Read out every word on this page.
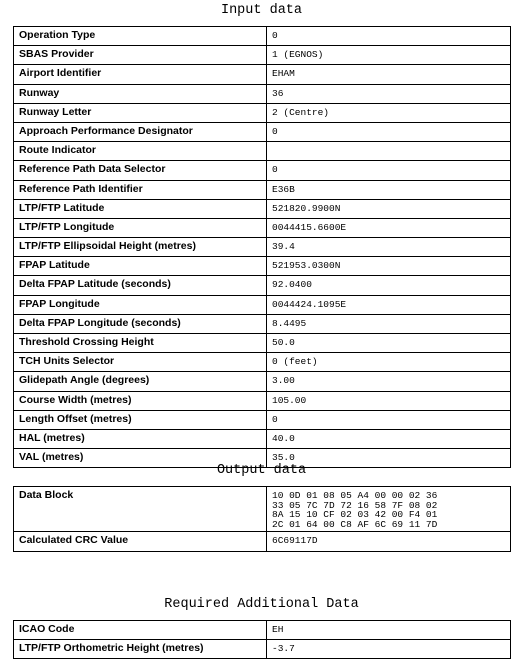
Input data
Operation Type	0
SBAS Provider	1 (EGNOS)
Airport Identifier	EHAM
Runway	36
Runway Letter	2 (Centre)
Approach Performance Designator	0
Route Indicator	
Reference Path Data Selector	0
Reference Path Identifier	E36B
LTP/FTP Latitude	521820.9900N
LTP/FTP Longitude	0044415.6600E
LTP/FTP Ellipsoidal Height (metres)	39.4
FPAP Latitude	521953.0300N
Delta FPAP Latitude (seconds)	92.0400
FPAP Longitude	0044424.1095E
Delta FPAP Longitude (seconds)	8.4495
Threshold Crossing Height	50.0
TCH Units Selector	0 (feet)
Glidepath Angle (degrees)	3.00
Course Width (metres)	105.00
Length Offset (metres)	0
HAL (metres)	40.0
VAL (metres)	35.0
Output data
Data Block	10 0D 01 08 05 A4 00 00 02 36
33 05 7C 7D 72 16 58 7F 08 02
8A 15 10 CF 02 03 42 00 F4 01
2C 01 64 00 C8 AF 6C 69 11 7D
Calculated CRC Value	6C69117D
Required Additional Data
ICAO Code	EH
LTP/FTP Orthometric Height (metres)	-3.7
